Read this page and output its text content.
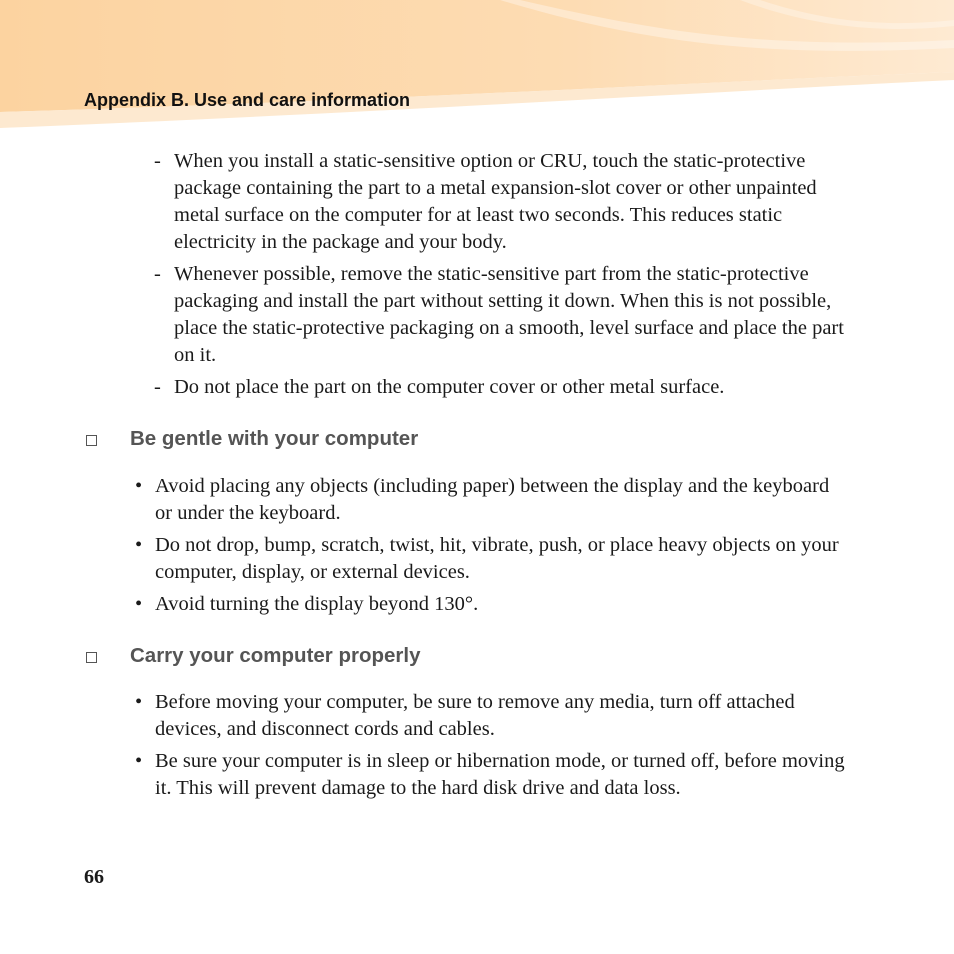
Appendix B. Use and care information
- When you install a static-sensitive option or CRU, touch the static-protective package containing the part to a metal expansion-slot cover or other unpainted metal surface on the computer for at least two seconds. This reduces static electricity in the package and your body.
- Whenever possible, remove the static-sensitive part from the static-protective packaging and install the part without setting it down. When this is not possible, place the static-protective packaging on a smooth, level surface and place the part on it.
- Do not place the part on the computer cover or other metal surface.
Be gentle with your computer
• Avoid placing any objects (including paper) between the display and the keyboard or under the keyboard.
• Do not drop, bump, scratch, twist, hit, vibrate, push, or place heavy objects on your computer, display, or external devices.
• Avoid turning the display beyond 130°.
Carry your computer properly
• Before moving your computer, be sure to remove any media, turn off attached devices, and disconnect cords and cables.
• Be sure your computer is in sleep or hibernation mode, or turned off, before moving it. This will prevent damage to the hard disk drive and data loss.
66
